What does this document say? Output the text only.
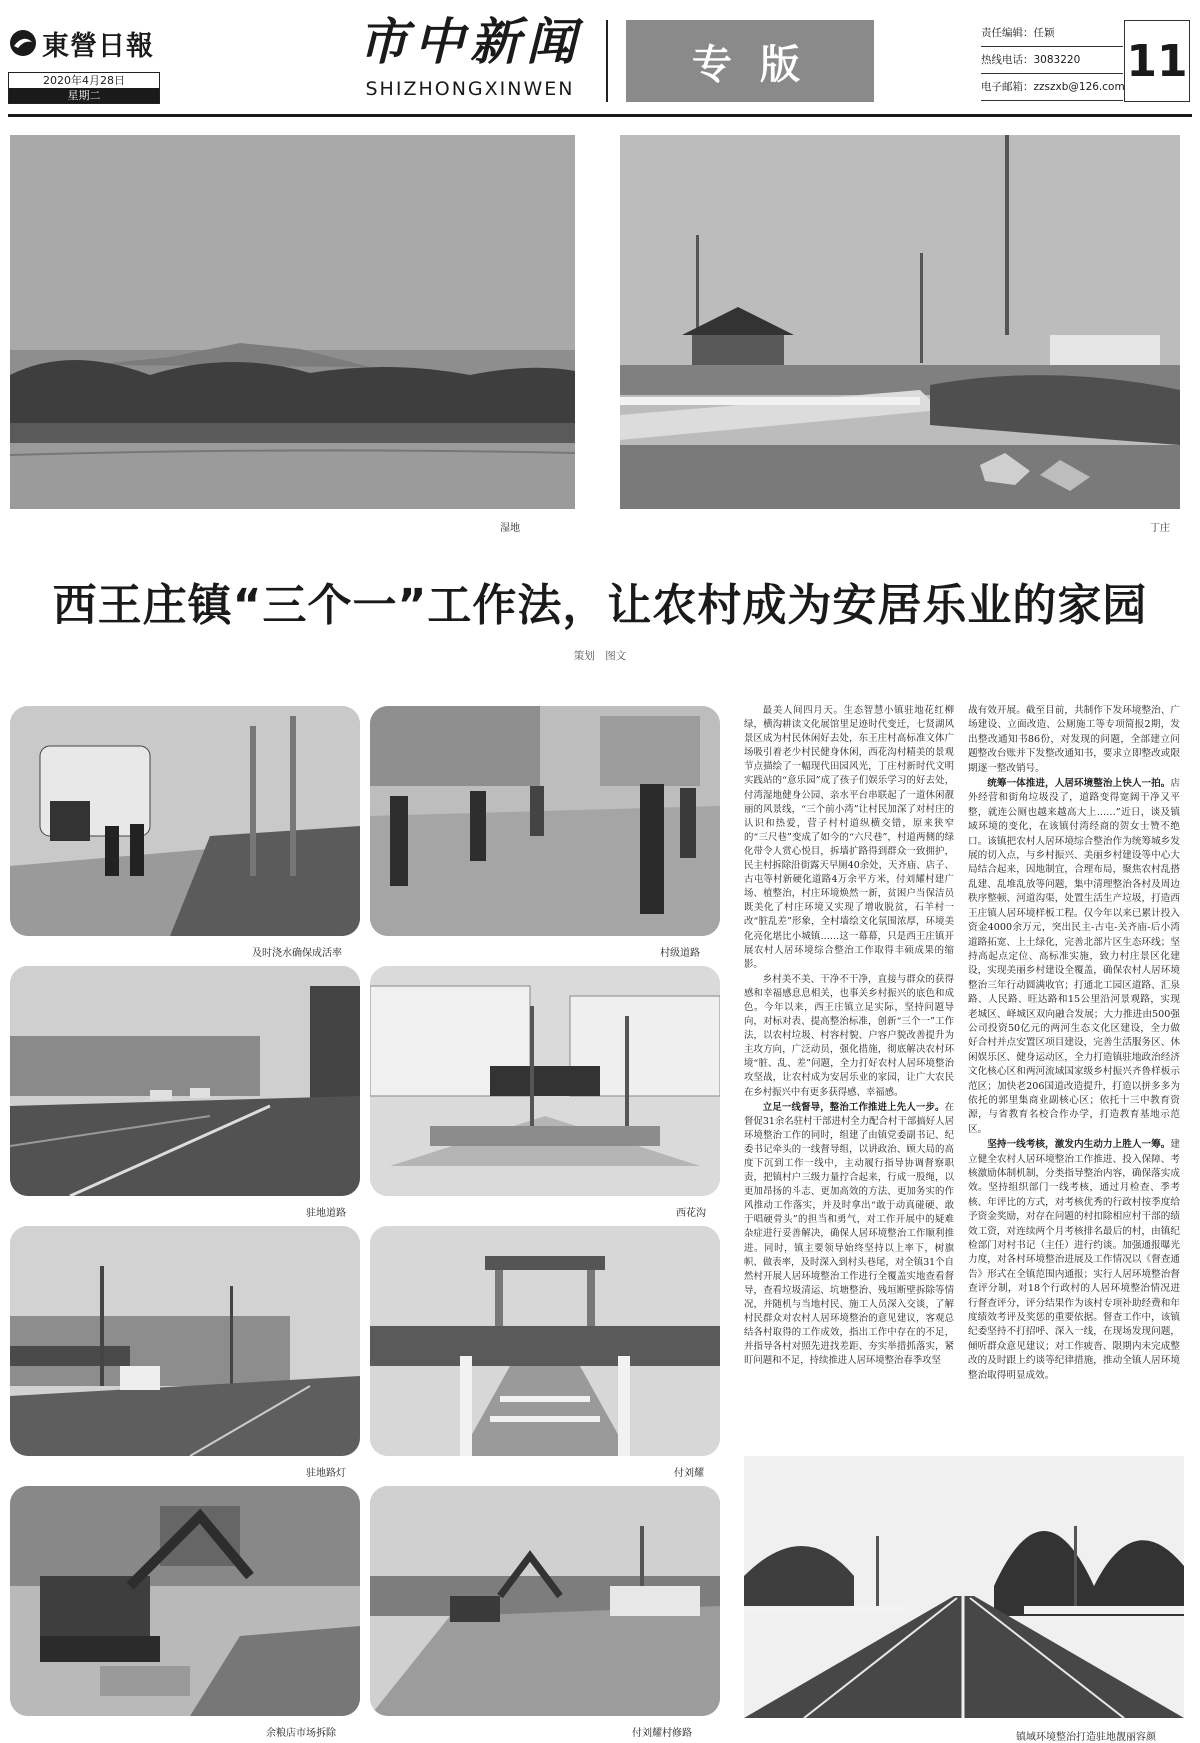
東營日報
2020年4月28日
星期二
市中新闻
SHIZHONGXINWEN
专版
责任编辑：任颖
热线电话：3083220
电子邮箱：zzszxb@126.com
11
湿地	丁庄
西王庄镇“三个一”工作法，让农村成为安居乐业的家园
策划　图文
及时浇水确保成活率	村级道路
驻地道路	西花沟
驻地路灯	付刘耀
余粮店市场拆除	付刘耀村修路	镇域环境整治打造驻地靓丽容颜

最美人间四月天。生态智慧小镇驻地花红柳绿，横沟耕读文化展馆里足迹时代变迁，七贤湖风景区成为村民休闲好去处，东王庄村高标准文体广场吸引着老少村民健身休闲，西花沟村精美的景观节点描绘了一幅现代田园风光，丁庄村新时代文明实践站的“意乐园”成了孩子们娱乐学习的好去处，付湾湿地健身公园、亲水平台串联起了一道休闲靓丽的风景线，“三个前小湾”让村民加深了对村庄的认识和热爱，营子村村道纵横交错，原来狭窄的“三尺巷”变成了如今的“六尺巷”，村道两侧的绿化带令人赏心悦目，拆墙扩路得到群众一致拥护，民主村拆除沿街露天早厕40余处，天齐庙、店子、古屯等村新硬化道路4万余平方米，付刘耀村建广场、植整治，村庄环境焕然一新，贫困户当保洁员既美化了村庄环境又实现了增收脱贫，石羊村一改“脏乱差”形象，全村墙绘文化氛围浓厚，环境美化亮化堪比小城镇……这一幕幕，只是西王庄镇开展农村人居环境综合整治工作取得丰硕成果的缩影。

乡村美不美、干净不干净，直接与群众的获得感和幸福感息息相关，也事关乡村振兴的底色和成色。今年以来，西王庄镇立足实际，坚持问题导向，对标对表、提高整治标准，创新“三个一”工作法，以农村垃圾、村容村貌、户容户貌改善提升为主攻方向，广泛动员，强化措施，彻底解决农村环境“脏、乱、差”问题，全力打好农村人居环境整治攻坚战，让农村成为安居乐业的家园，让广大农民在乡村振兴中有更多获得感、幸福感。

立足一线督导，整治工作推进上先人一步。在督促31余名驻村干部进村全力配合村干部搞好人居环境整治工作的同时，组建了由镇党委副书记、纪委书记牵头的一线督导组，以讲政治、顾大局的高度下沉到工作一线中，主动履行指导协调督察职责，把镇村户三级力量拧合起来，行成一股绳，以更加昂扬的斗志、更加高效的方法、更加务实的作风推动工作落实，并及时拿出“敢于动真碰硬、敢于唱硬骨头”的担当和勇气，对工作开展中的疑难杂症进行妥善解决，确保人居环境整治工作顺利推进。同时，镇主要领导始终坚持以上率下，树旗帜、做表率，及时深入到村头巷尾，对全镇31个自然村开展人居环境整治工作进行全覆盖实地查看督导，查看垃圾清运、坑塘整治、残垣断壁拆除等情况，并随机与当地村民、施工人员深入交谈，了解村民群众对农村人居环境整治的意见建议，客观总结各村取得的工作成效，指出工作中存在的不足，并指导各村对照先进找差距、夯实举措抓落实，紧盯问题和不足，持续推进人居环境整治春季攻坚

战有效开展。截至目前，共制作下发环境整治、广场建设、立面改造、公厕施工等专项简报2期，发出整改通知书86份，对发现的问题，全部建立问题整改台账并下发整改通知书，要求立即整改或限期逐一整改销号。

统筹一体推进，人居环境整治上快人一拍。店外经营和街角垃圾没了，道路变得宽阔干净又平整，就连公厕也越来越高大上……”近日，谈及镇域环境的变化，在该镇付湾经商的贺女士赞不绝口。该镇把农村人居环境综合整治作为统筹城乡发展的切入点，与乡村振兴、美丽乡村建设等中心大局结合起来，因地制宜，合理布局，聚焦农村乱搭乱建、乱堆乱放等问题，集中清理整治各村及周边秩序整顿、河道沟渠，处置生活生产垃圾，打造西王庄镇人居环境样板工程。仅今年以来已累计投入资金4000余万元，突出民主-古屯-关齐庙-后小湾道路拓宽、上土绿化，完善北部片区生态环线；坚持高起点定位、高标准实施，致力村庄景区化建设，实现美丽乡村建设全覆盖，确保农村人居环境整治三年行动圆满收官；打通北工园区道路、汇泉路、人民路、旺达路和15公里沿河景观路，实现老城区、峄城区双向融合发展；大力推进由500强公司投资50亿元的两河生态文化区建设，全力做好合村并点安置区项目建设，完善生活服务区、休闲娱乐区、健身运动区，全力打造镇驻地政治经济文化核心区和两河流域国家级乡村振兴齐鲁样板示范区；加快老206国道改造提升，打造以拼多多为依托的郭里集商业副核心区；依托十三中教育资源，与省教育名校合作办学，打造教育基地示范区。

坚持一线考核，激发内生动力上胜人一筹。建立健全农村人居环境整治工作推进、投入保障、考核激励体制机制，分类指导整治内容，确保落实成效。坚持组织部门一线考核，通过月检查、季考核、年评比的方式，对考核优秀的行政村按季度给予资金奖励，对存在问题的村扣除相应村干部的绩效工资，对连续两个月考核排名最后的村，由镇纪检部门对村书记（主任）进行约谈。加强通报曝光力度，对各村环境整治进展及工作情况以《督查通告》形式在全镇范围内通报；实行人居环境整治督查评分制，对18个行政村的人居环境整治情况进行督查评分，评分结果作为该村专项补助经费和年度绩效考评及奖惩的重要依据。督查工作中，该镇纪委坚持不打招呼、深入一线，在现场发现问题，倾听群众意见建议；对工作疲沓、限期内未完成整改的及时跟上约谈等纪律措施，推动全镇人居环境整治取得明显成效。
